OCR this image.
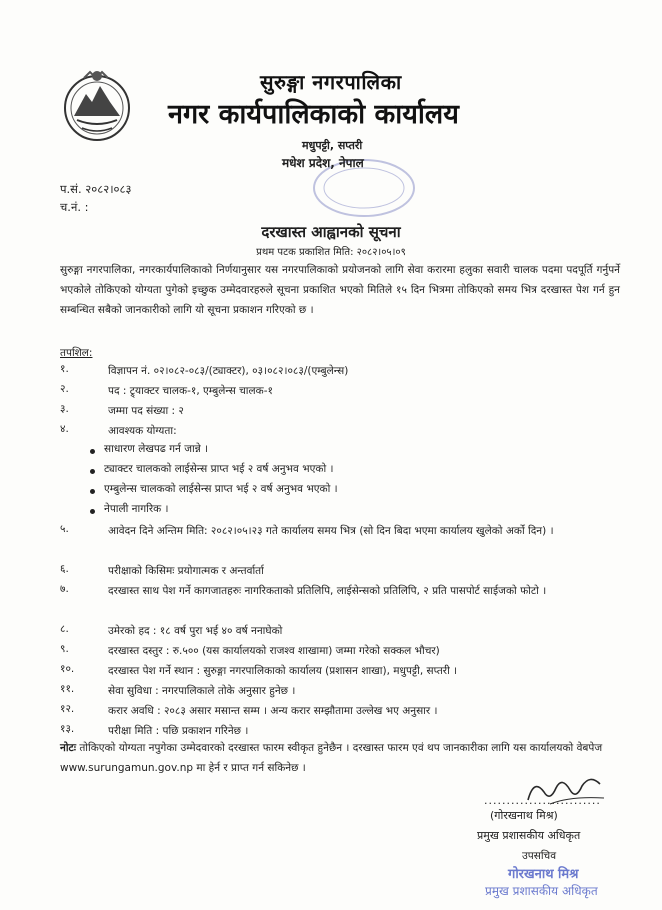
सुरुङ्गा नगरपालिका
नगर कार्यपालिकाको कार्यालय
मधुपट्टी, सप्तरी
मधेश प्रदेश, नेपाल
प.सं. २०८२।०८३
च.नं. :
दरखास्त आह्वानको सूचना
प्रथम पटक प्रकाशित मिति: २०८२।०५।०९
सुरुङ्गा नगरपालिका, नगरकार्यपालिकाको निर्णयानुसार यस नगरपालिकाको प्रयोजनको लागि सेवा करारमा हलुका सवारी चालक पदमा पदपूर्ति गर्नुपर्ने भएकोले तोकिएको योग्यता पुगेको इच्छुक उम्मेदवारहरुले सूचना प्रकाशित भएको मितिले १५ दिन भित्रमा तोकिएको समय भित्र दरखास्त पेश गर्न हुन सम्बन्धित सबैको जानकारीको लागि यो सूचना प्रकाशन गरिएको छ ।
तपशिल:
१.	विज्ञापन नं. ०२।०८२-०८३/(ट्याक्टर), ०३।०८२।०८३/(एम्बुलेन्स)
२.	पद : ट्र्याक्टर चालक-१, एम्बुलेन्स चालक-१
३.	जम्मा पद संख्या : २
४.	आवश्यक योग्यता:
साधारण लेखपढ गर्न जान्ने ।
ट्याक्टर चालकको लाईसेन्स प्राप्त भई २ वर्ष अनुभव भएको ।
एम्बुलेन्स चालकको लाईसेन्स प्राप्त भई २ वर्ष अनुभव भएको ।
नेपाली नागरिक ।
५.	आवेदन दिने अन्तिम मिति: २०८२।०५।२३ गते कार्यालय समय भित्र (सो दिन बिदा भएमा कार्यालय खुलेको अर्को दिन) ।
६.	परीक्षाको किसिमः प्रयोगात्मक र अन्तर्वार्ता
७.	दरखास्त साथ पेश गर्ने कागजातहरुः नागरिकताको प्रतिलिपि, लाईसेन्सको प्रतिलिपि, २ प्रति पासपोर्ट साईजको फोटो ।
८.	उमेरको हद : १८ वर्ष पुरा भई ४० वर्ष ननाघेको
९.	दरखास्त दस्तुर : रु.५०० (यस कार्यालयको राजश्व शाखामा) जम्मा गरेको सक्कल भौचर)
१०.	दरखास्त पेश गर्ने स्थान : सुरुङ्गा नगरपालिकाको कार्यालय (प्रशासन शाखा), मधुपट्टी, सप्तरी ।
११.	सेवा सुविधा : नगरपालिकाले तोके अनुसार हुनेछ ।
१२.	करार अवधि : २०८३ असार मसान्त सम्म । अन्य करार सम्झौतामा उल्लेख भए अनुसार ।
१३.	परीक्षा मिति : पछि प्रकाशन गरिनेछ ।
नोटः तोकिएको योग्यता नपुगेका उम्मेदवारको दरखास्त फारम स्वीकृत हुनेछैन । दरखास्त फारम एवं थप जानकारीका लागि यस कार्यालयको वेबपेज www.surungamun.gov.np मा हेर्न र प्राप्त गर्न सकिनेछ ।
..........................
(गोरखनाथ मिश्र)
प्रमुख प्रशासकीय अधिकृत
उपसचिव
गोरखनाथ मिश्र
प्रमुख प्रशासकीय अधिकृत
